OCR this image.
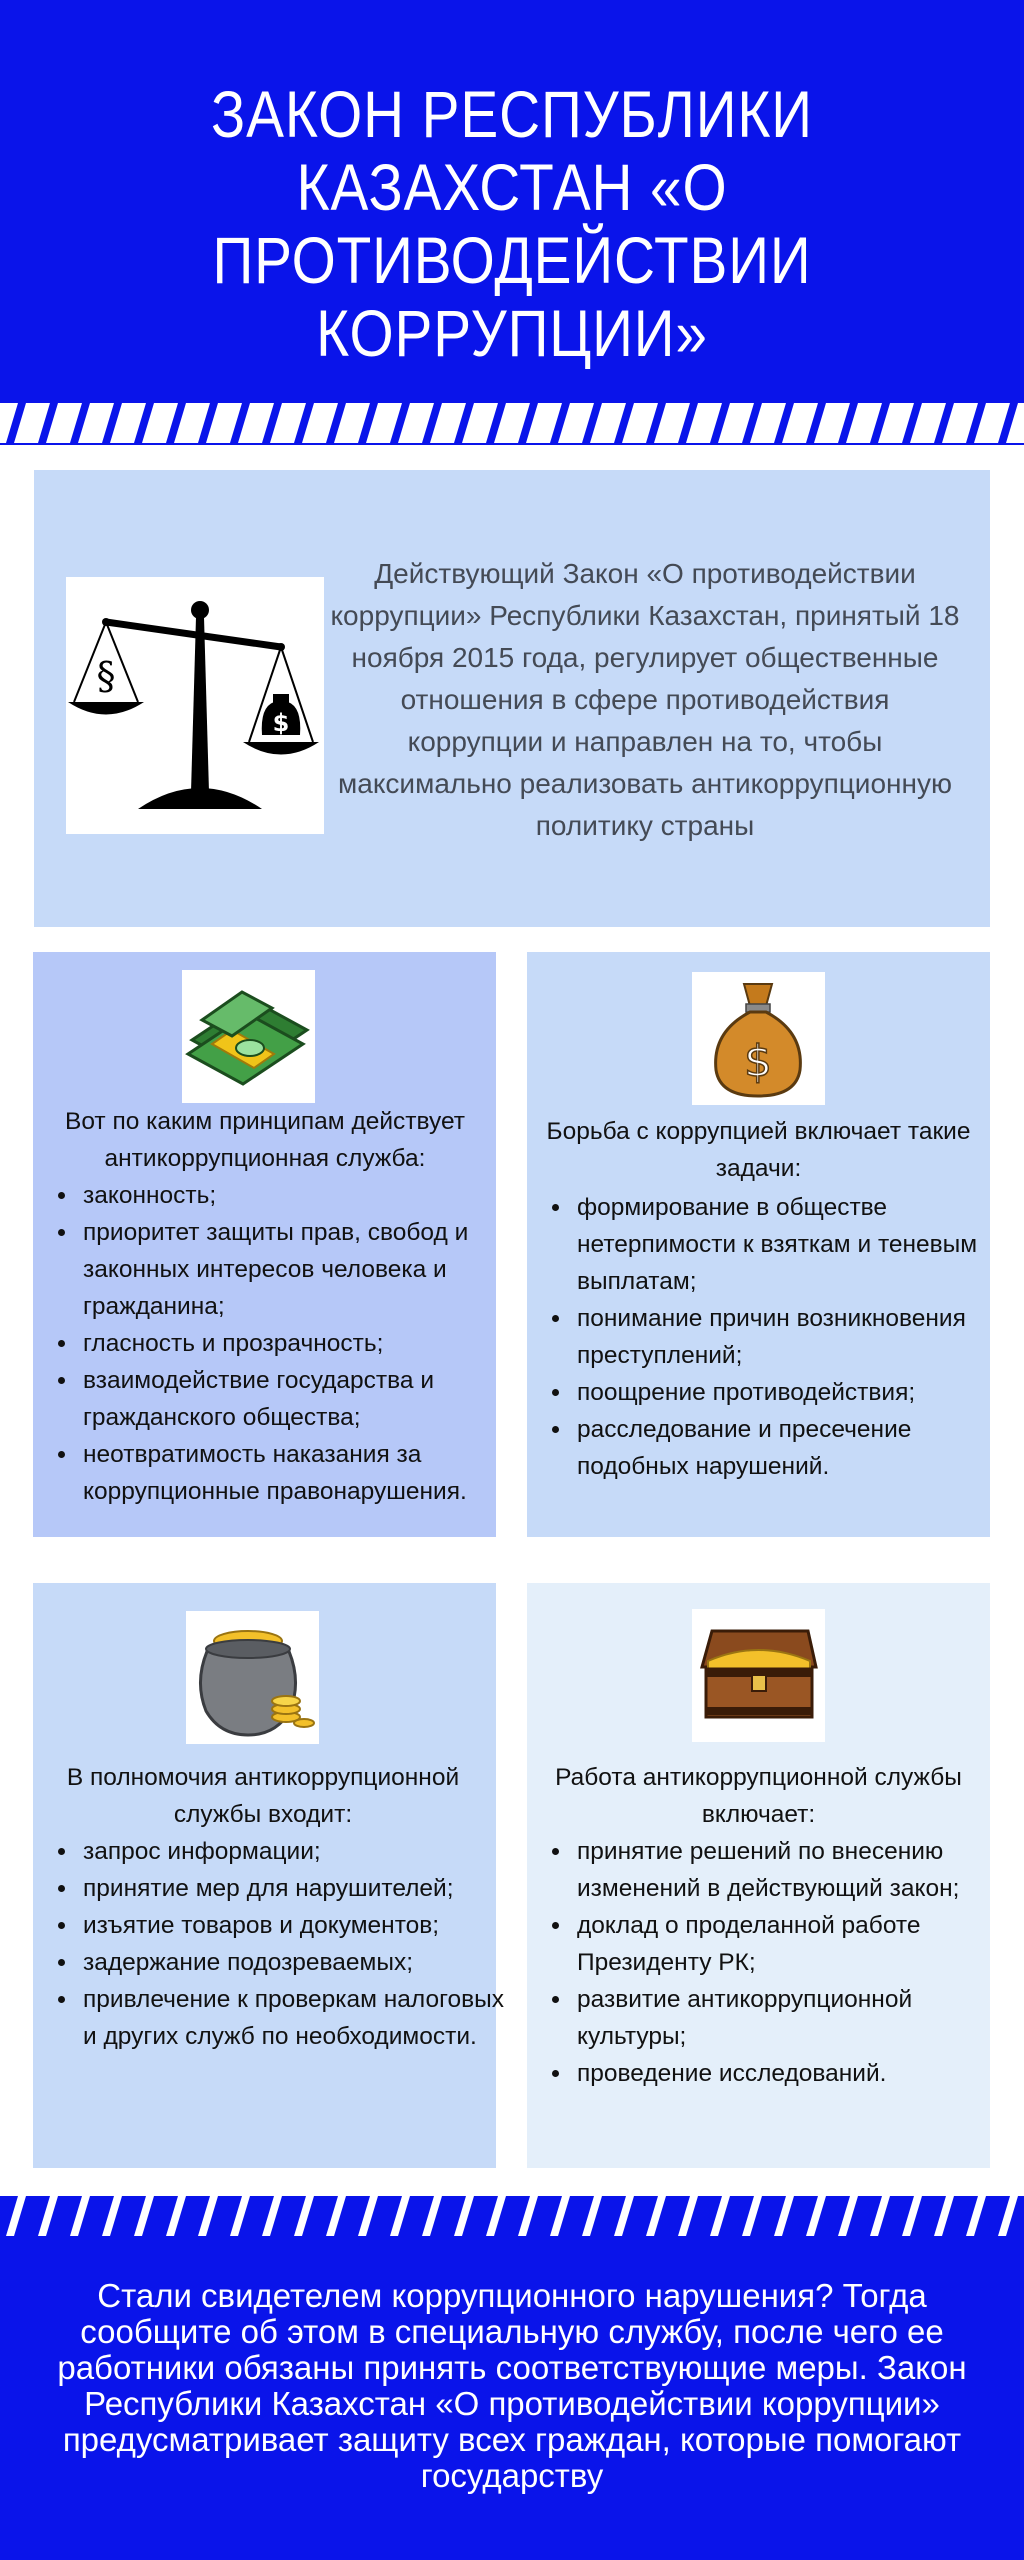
ЗАКОН РЕСПУБЛИКИ КАЗАХСТАН «О ПРОТИВОДЕЙСТВИИ КОРРУПЦИИ»
§
$

Действующий Закон «О противодействии коррупции» Республики Казахстан, принятый 18 ноября 2015 года, регулирует общественные отношения в сфере противодействия коррупции и направлен на то, чтобы максимально реализовать антикоррупционную политику страны

Вот по каким принципам действует антикоррупционная служба:

• законность;
• приоритет защиты прав, свобод и законных интересов человека и гражданина;
• гласность и прозрачность;
• взаимодействие государства и гражданского общества;
• неотвратимость наказания за коррупционные правонарушения.
$

Борьба с коррупцией включает такие задачи:

• формирование в обществе нетерпимости к взяткам и теневым выплатам;
• понимание причин возникновения преступлений;
• поощрение противодействия;
• расследование и пресечение подобных нарушений.

В полномочия антикоррупционной службы входит:

• запрос информации;
• принятие мер для нарушителей;
• изъятие товаров и документов;
• задержание подозреваемых;
• привлечение к проверкам налоговых и других служб по необходимости.

Работа антикоррупционной службы включает:

• принятие решений по внесению изменений в действующий закон;
• доклад о проделанной работе Президенту РК;
• развитие антикоррупционной культуры;
• проведение исследований.

Стали свидетелем коррупционного нарушения? Тогда сообщите об этом в специальную службу, после чего ее работники обязаны принять соответствующие меры. Закон Республики Казахстан «О противодействии коррупции» предусматривает защиту всех граждан, которые помогают государству
